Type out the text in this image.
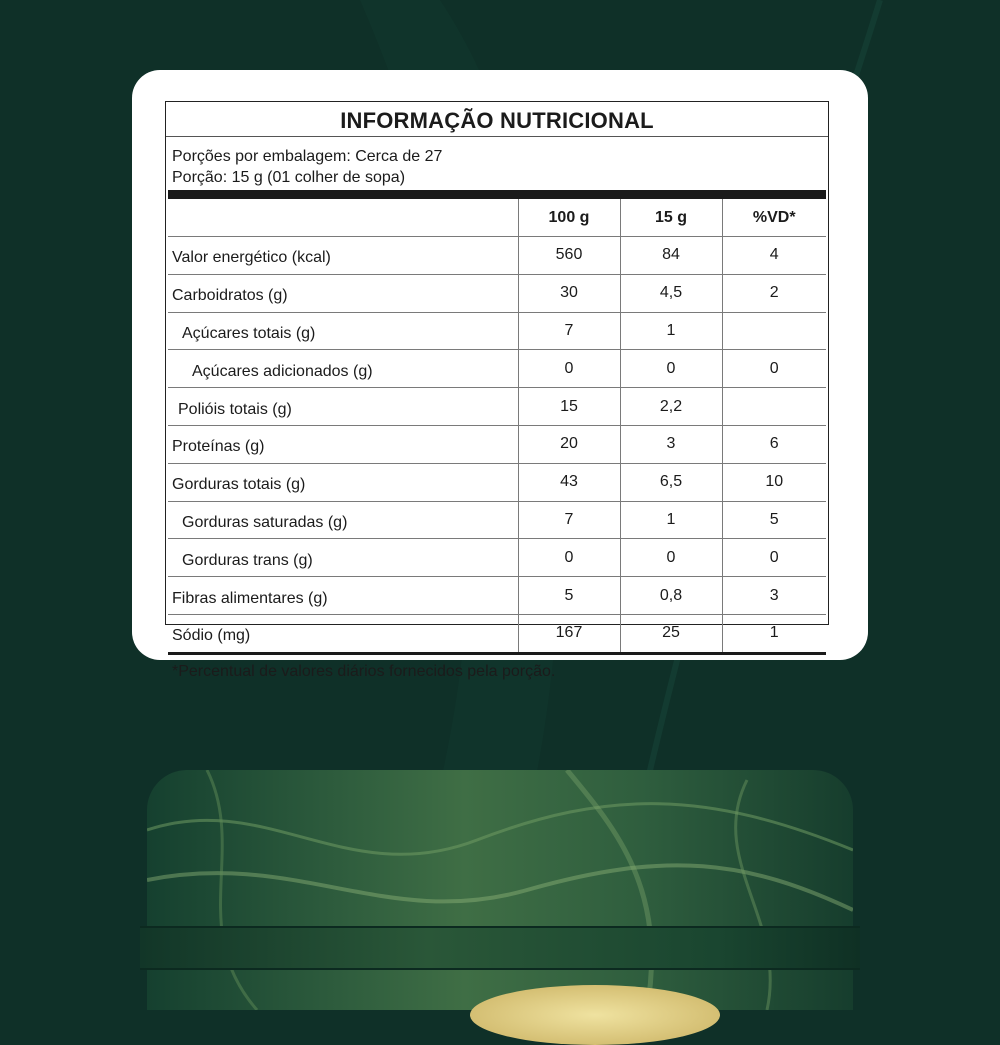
INFORMAÇÃO NUTRICIONAL
Porções por embalagem: Cerca de 27
Porção: 15 g (01 colher de sopa)
	100 g	15 g	%VD*
Valor energético (kcal)	560	84	4
Carboidratos (g)	30	4,5	2
Açúcares totais (g)	7	1	
Açúcares adicionados (g)	0	0	0
Polióis totais (g)	15	2,2	
Proteínas (g)	20	3	6
Gorduras totais (g)	43	6,5	10
Gorduras saturadas (g)	7	1	5
Gorduras trans (g)	0	0	0
Fibras alimentares (g)	5	0,8	3
Sódio (mg)	167	25	1
*Percentual de valores diários fornecidos pela porção.
